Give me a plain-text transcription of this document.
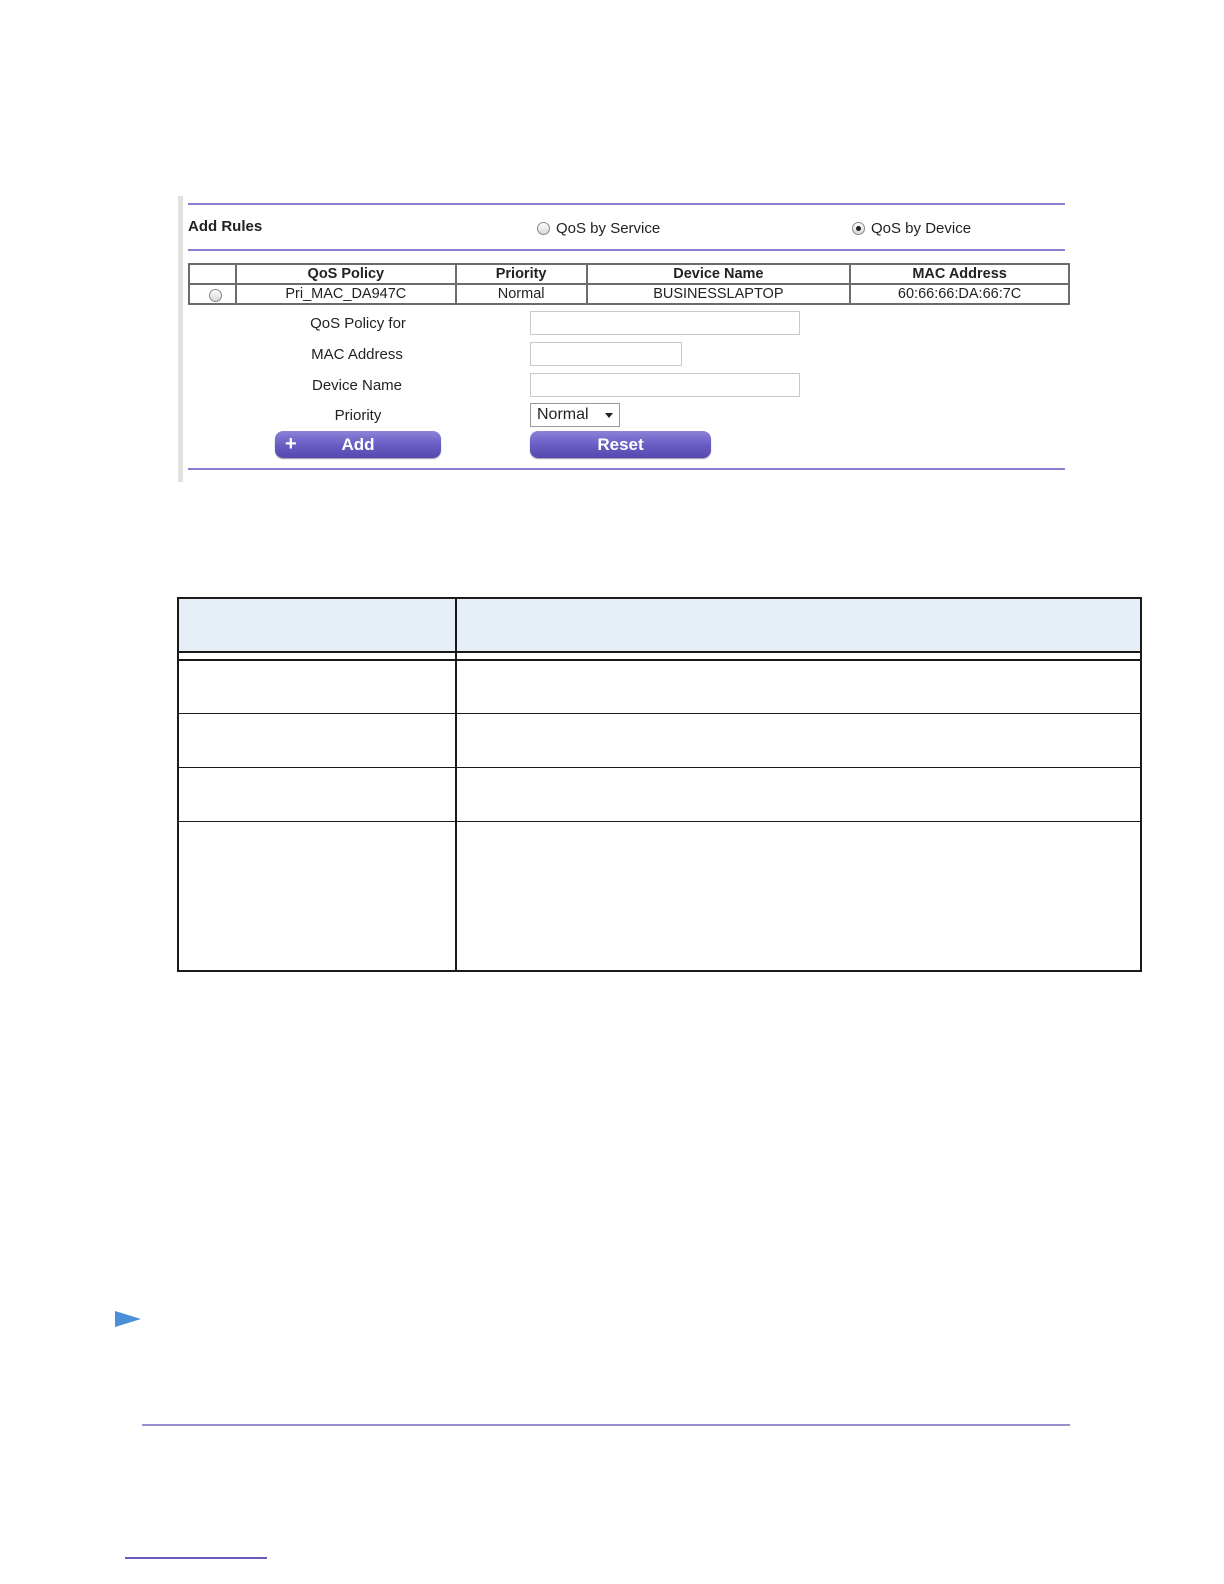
Add Rules	QoS by Service	QoS by Device
	QoS Policy	Priority	Device Name	MAC Address
	Pri_MAC_DA947C	Normal	BUSINESSLAPTOP	60:66:66:DA:66:7C
QoS Policy for
MAC Address
Device Name
Priority	Normal
+	Add	Reset
